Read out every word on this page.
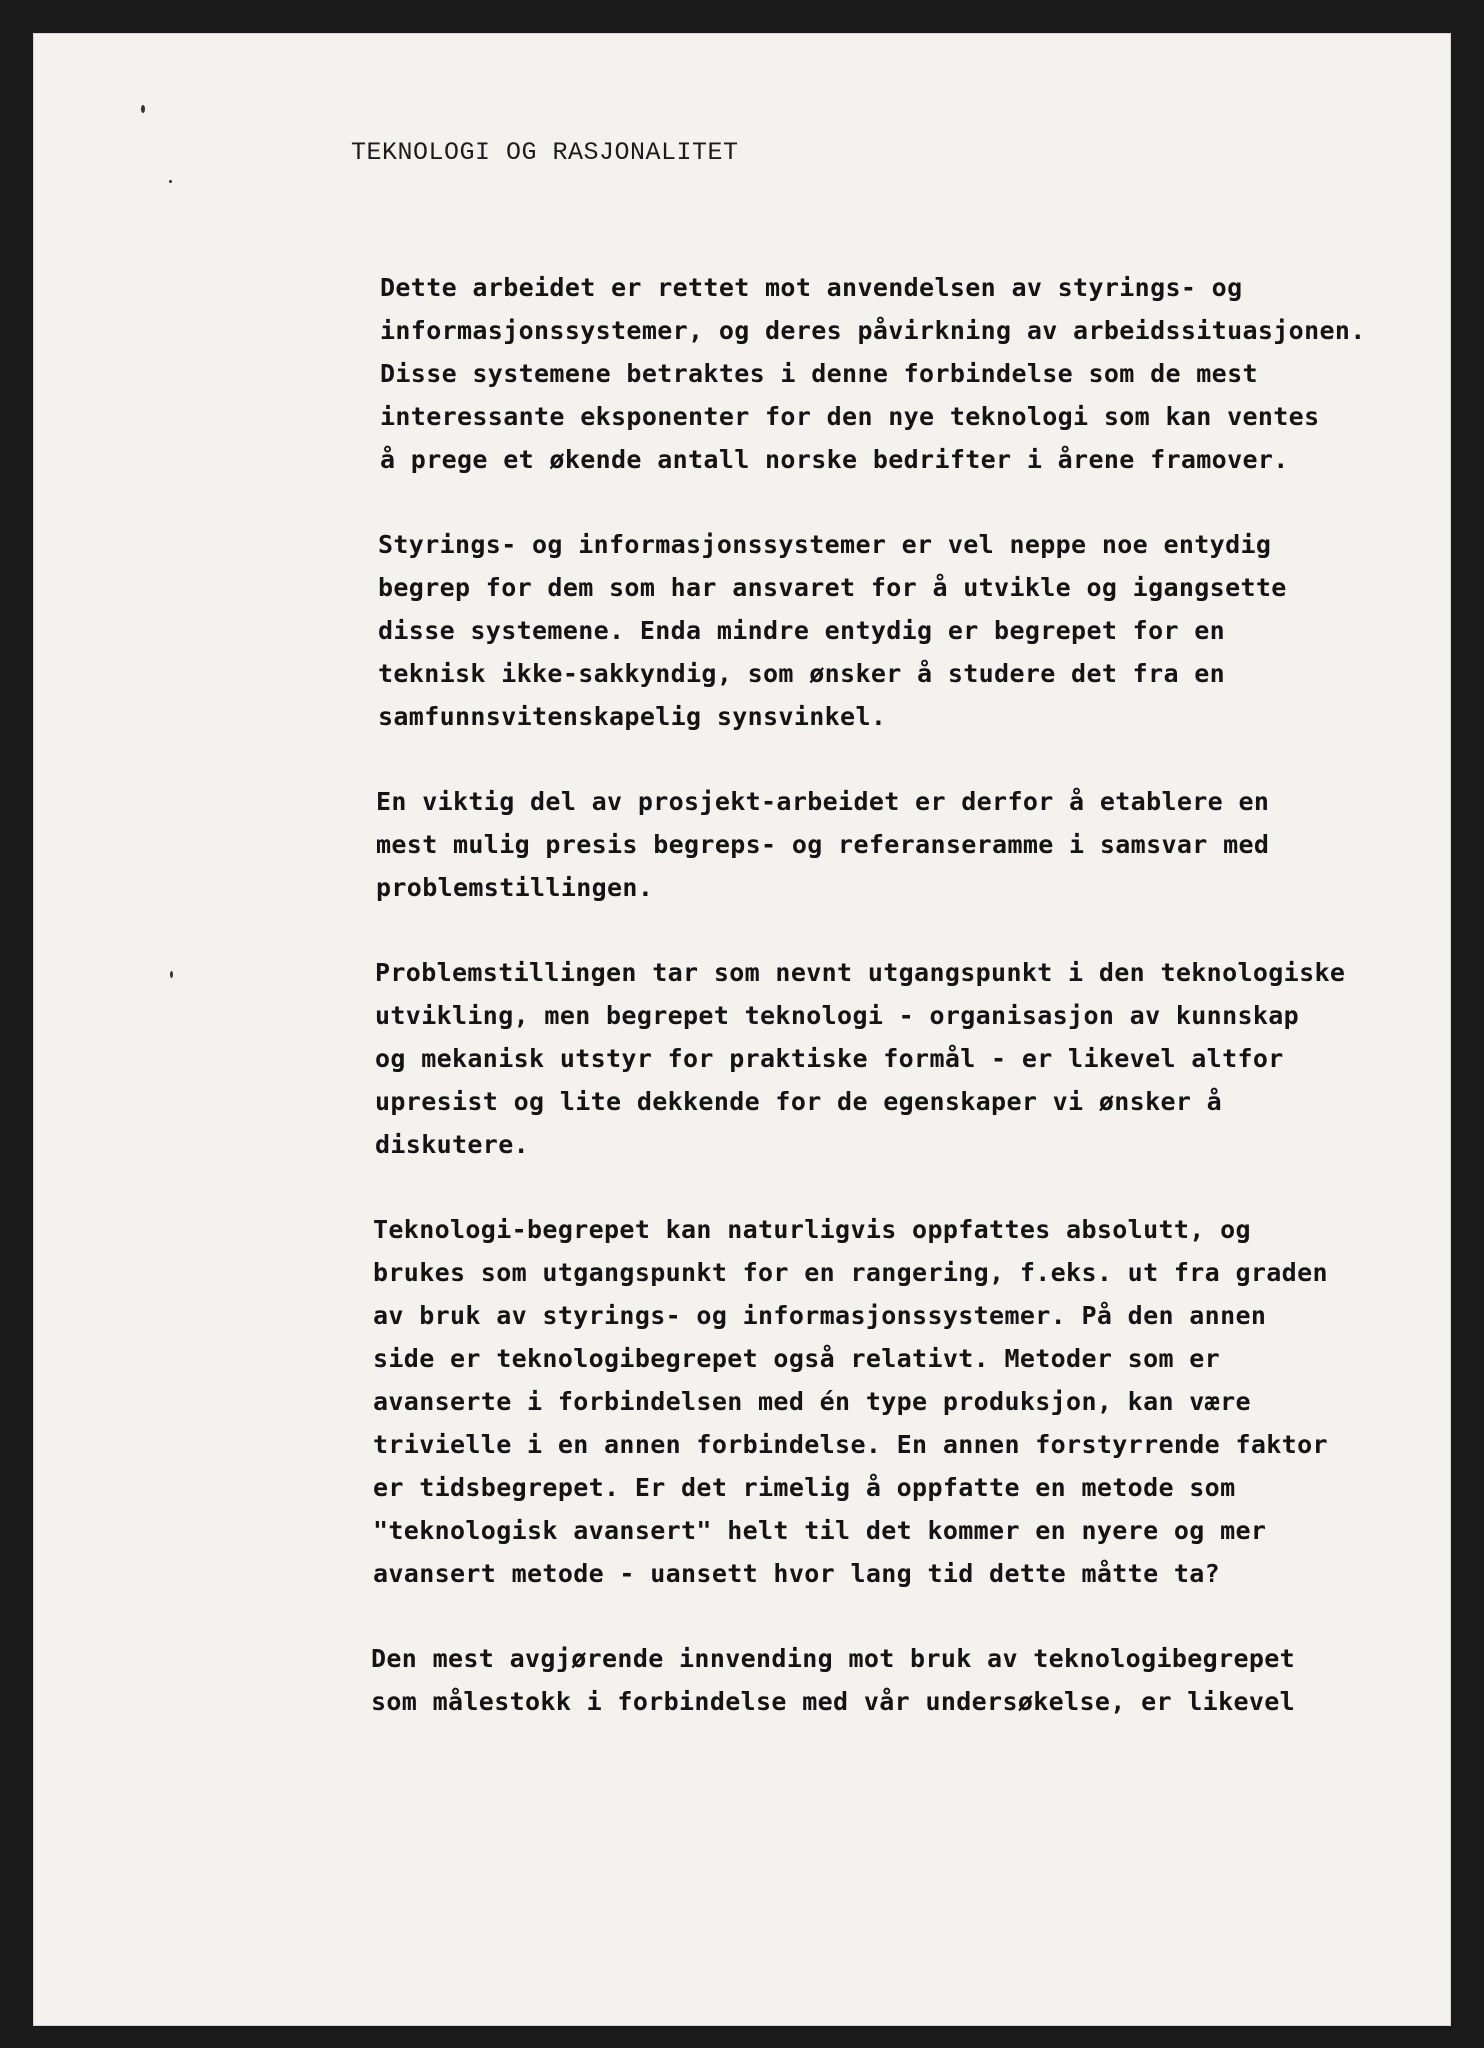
TEKNOLOGI OG RASJONALITET
Dette arbeidet er rettet mot anvendelsen av styrings- og
informasjonssystemer, og deres påvirkning av arbeidssituasjonen.
Disse systemene betraktes i denne forbindelse som de mest
interessante eksponenter for den nye teknologi som kan ventes
å prege et økende antall norske bedrifter i årene framover.
Styrings- og informasjonssystemer er vel neppe noe entydig
begrep for dem som har ansvaret for å utvikle og igangsette
disse systemene. Enda mindre entydig er begrepet for en
teknisk ikke-sakkyndig, som ønsker å studere det fra en
samfunnsvitenskapelig synsvinkel.
En viktig del av prosjekt-arbeidet er derfor å etablere en
mest mulig presis begreps- og referanseramme i samsvar med
problemstillingen.
Problemstillingen tar som nevnt utgangspunkt i den teknologiske
utvikling, men begrepet teknologi - organisasjon av kunnskap
og mekanisk utstyr for praktiske formål - er likevel altfor
upresist og lite dekkende for de egenskaper vi ønsker å
diskutere.
Teknologi-begrepet kan naturligvis oppfattes absolutt, og
brukes som utgangspunkt for en rangering, f.eks. ut fra graden
av bruk av styrings- og informasjonssystemer. På den annen
side er teknologibegrepet også relativt. Metoder som er
avanserte i forbindelsen med én type produksjon, kan være
trivielle i en annen forbindelse. En annen forstyrrende faktor
er tidsbegrepet. Er det rimelig å oppfatte en metode som
"teknologisk avansert" helt til det kommer en nyere og mer
avansert metode - uansett hvor lang tid dette måtte ta?
Den mest avgjørende innvending mot bruk av teknologibegrepet
som målestokk i forbindelse med vår undersøkelse, er likevel
